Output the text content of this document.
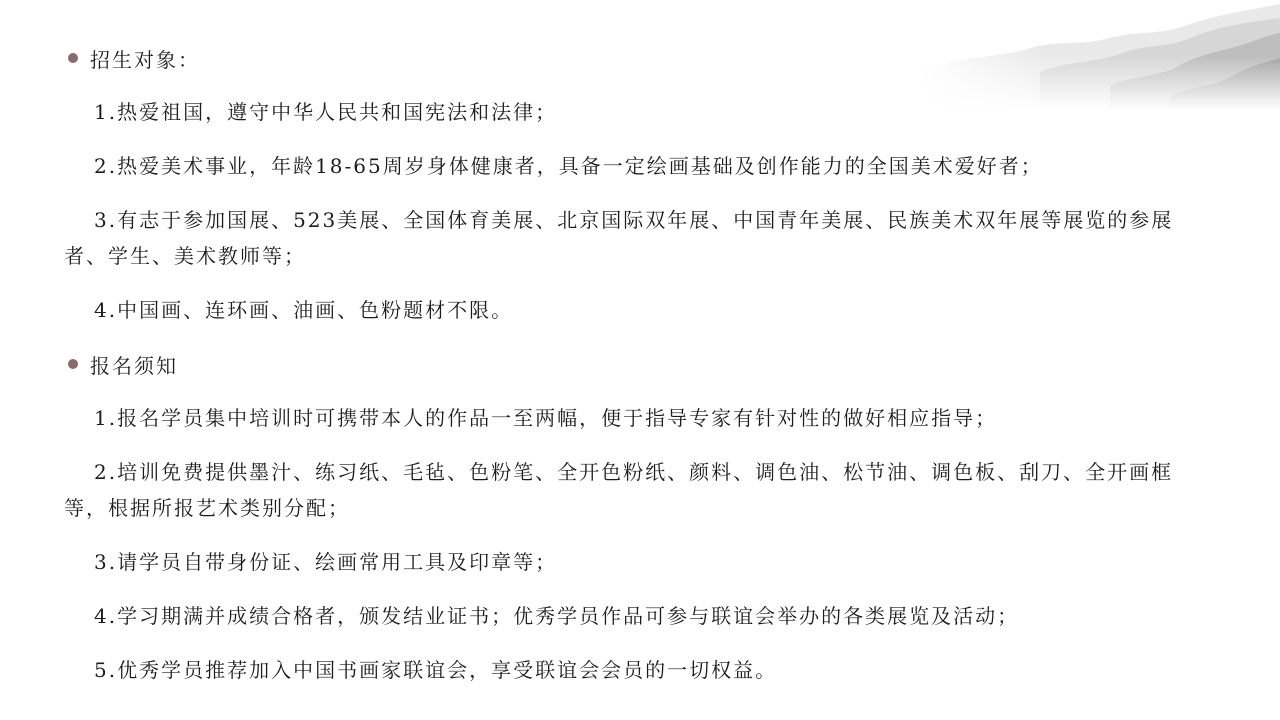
招生对象：
1.热爱祖国，遵守中华人民共和国宪法和法律；
2.热爱美术事业，年龄18-65周岁身体健康者，具备一定绘画基础及创作能力的全国美术爱好者；
3.有志于参加国展、523美展、全国体育美展、北京国际双年展、中国青年美展、民族美术双年展等展览的参展者、学生、美术教师等；
4.中国画、连环画、油画、色粉题材不限。
报名须知
1.报名学员集中培训时可携带本人的作品一至两幅，便于指导专家有针对性的做好相应指导；
2.培训免费提供墨汁、练习纸、毛毡、色粉笔、全开色粉纸、颜料、调色油、松节油、调色板、刮刀、全开画框等，根据所报艺术类别分配；
3.请学员自带身份证、绘画常用工具及印章等；
4.学习期满并成绩合格者，颁发结业证书；优秀学员作品可参与联谊会举办的各类展览及活动；
5.优秀学员推荐加入中国书画家联谊会，享受联谊会会员的一切权益。
